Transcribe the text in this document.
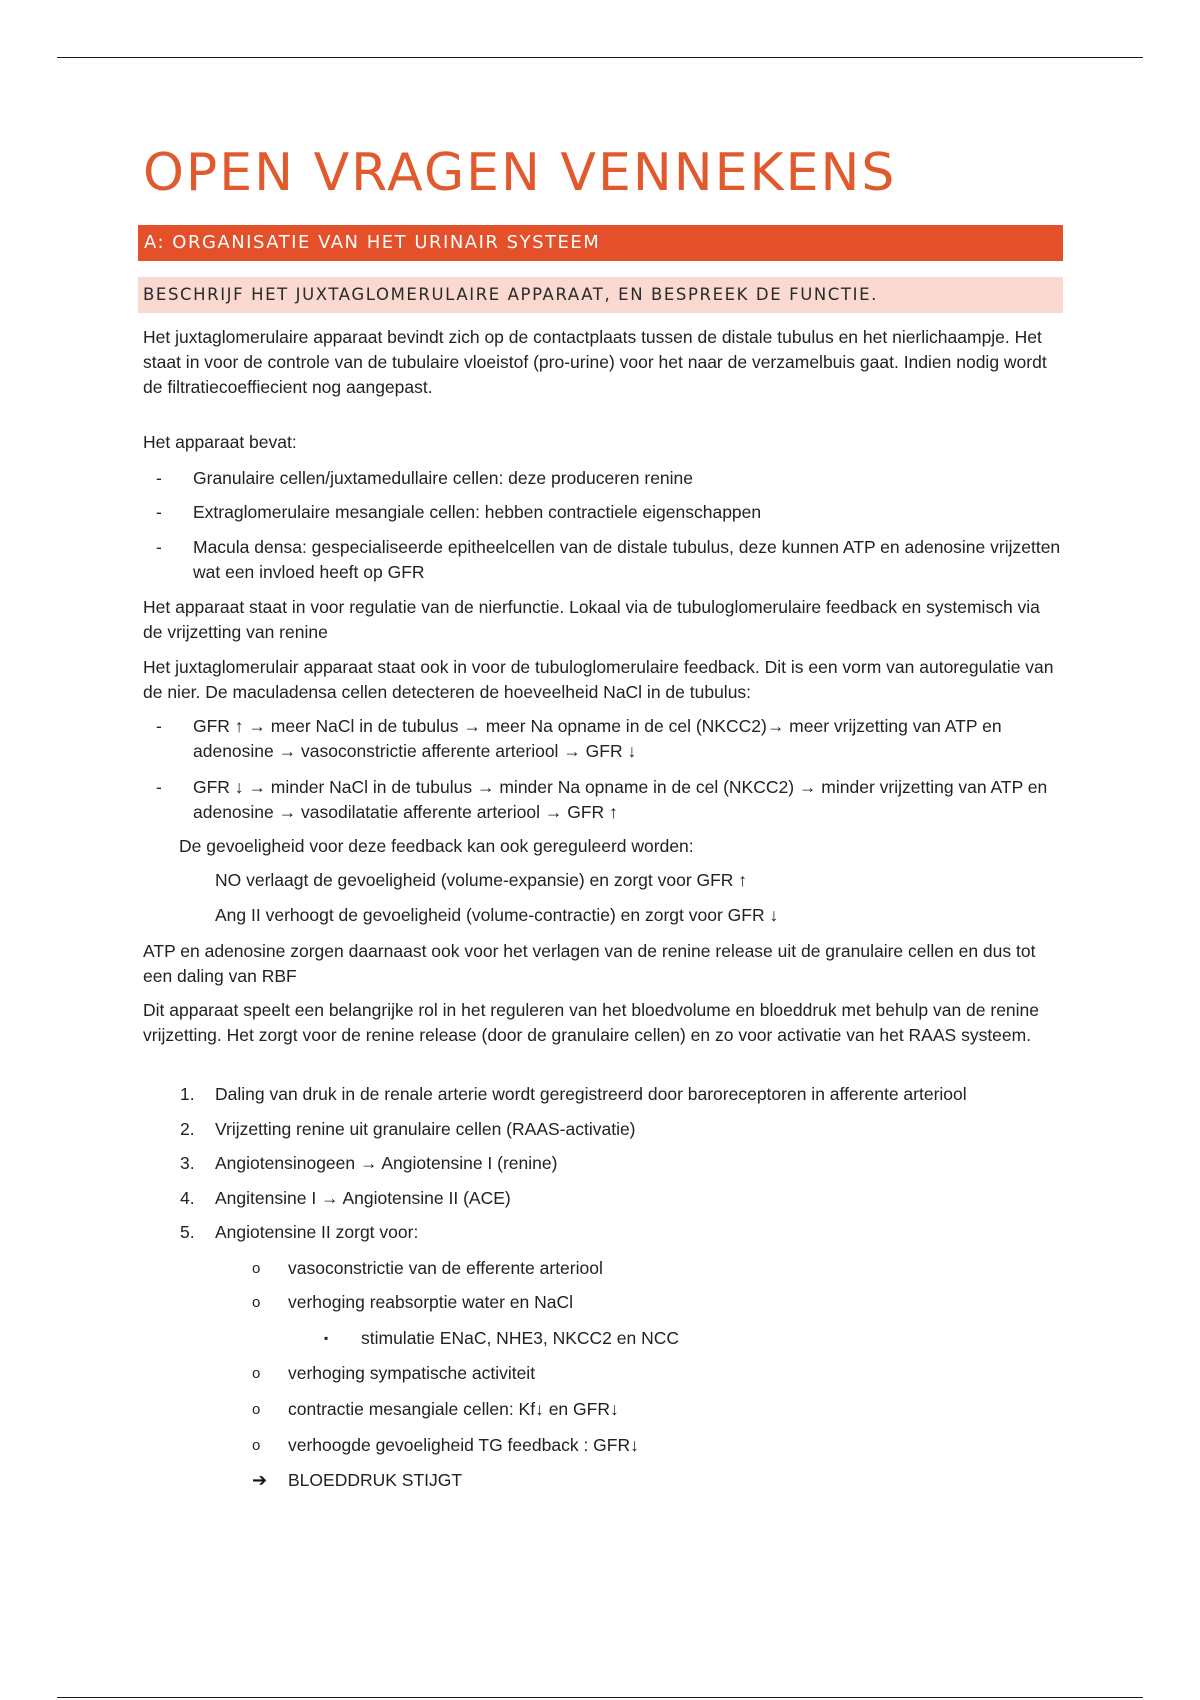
OPEN VRAGEN VENNEKENS
A: ORGANISATIE VAN HET URINAIR SYSTEEM
BESCHRIJF HET JUXTAGLOMERULAIRE APPARAAT, EN BESPREEK DE FUNCTIE.
Het juxtaglomerulaire apparaat bevindt zich op de contactplaats tussen de distale tubulus en het nierlichaampje. Het staat in voor de controle van de tubulaire vloeistof (pro-urine) voor het naar de verzamelbuis gaat. Indien nodig wordt de filtratiecoeffiecient nog aangepast.
Het apparaat bevat:
- Granulaire cellen/juxtamedullaire cellen: deze produceren renine
- Extraglomerulaire mesangiale cellen: hebben contractiele eigenschappen
- Macula densa: gespecialiseerde epitheelcellen van de distale tubulus, deze kunnen ATP en adenosine vrijzetten wat een invloed heeft op GFR
Het apparaat staat in voor regulatie van de nierfunctie. Lokaal via de tubuloglomerulaire feedback en systemisch via de vrijzetting van renine
Het juxtaglomerulair apparaat staat ook in voor de tubuloglomerulaire feedback. Dit is een vorm van autoregulatie van de nier. De maculadensa cellen detecteren de hoeveelheid NaCl in de tubulus:
- GFR ↑ → meer NaCl in de tubulus → meer Na opname in de cel (NKCC2)→ meer vrijzetting van ATP en adenosine → vasoconstrictie afferente arteriool → GFR ↓
- GFR ↓ → minder NaCl in de tubulus → minder Na opname in de cel (NKCC2) → minder vrijzetting van ATP en adenosine → vasodilatatie afferente arteriool → GFR ↑
De gevoeligheid voor deze feedback kan ook gereguleerd worden:
NO verlaagt de gevoeligheid (volume-expansie) en zorgt voor GFR ↑
Ang II verhoogt de gevoeligheid (volume-contractie) en zorgt voor GFR ↓
ATP en adenosine zorgen daarnaast ook voor het verlagen van de renine release uit de granulaire cellen en dus tot een daling van RBF
Dit apparaat speelt een belangrijke rol in het reguleren van het bloedvolume en bloeddruk met behulp van de renine vrijzetting. Het zorgt voor de renine release (door de granulaire cellen) en zo voor activatie van het RAAS systeem.
1. Daling van druk in de renale arterie wordt geregistreerd door baroreceptoren in afferente arteriool
2. Vrijzetting renine uit granulaire cellen (RAAS-activatie)
3. Angiotensinogeen → Angiotensine I (renine)
4. Angitensine I → Angiotensine II (ACE)
5. Angiotensine II zorgt voor:
o vasoconstrictie van de efferente arteriool
o verhoging reabsorptie water en NaCl
▪ stimulatie ENaC, NHE3, NKCC2 en NCC
o verhoging sympatische activiteit
o contractie mesangiale cellen: Kf↓ en GFR↓
o verhoogde gevoeligheid TG feedback : GFR↓
➔ BLOEDDRUK STIJGT
